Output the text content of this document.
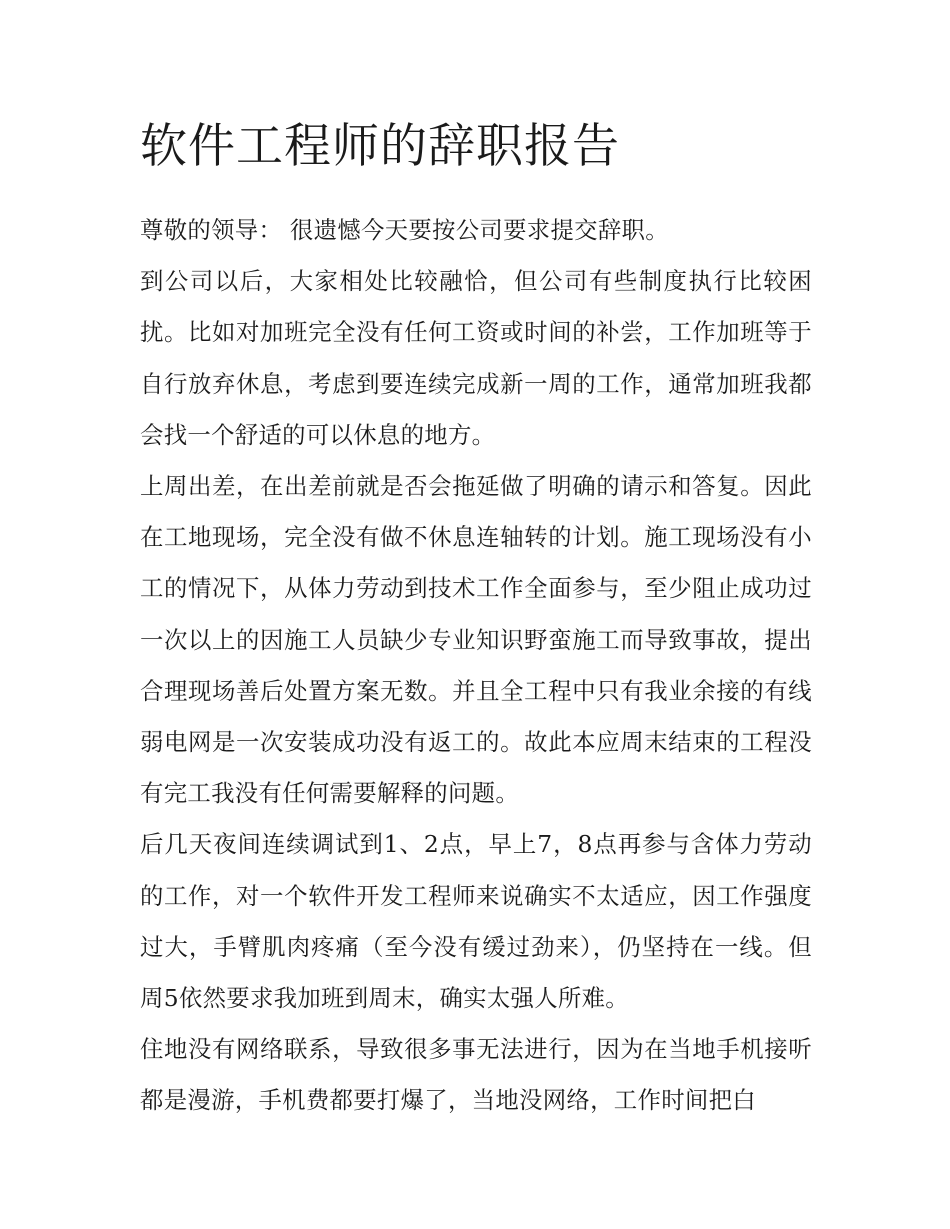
软件工程师的辞职报告

尊敬的领导： 很遗憾今天要按公司要求提交辞职。

到公司以后，大家相处比较融恰，但公司有些制度执行比较困扰。比如对加班完全没有任何工资或时间的补尝，工作加班等于自行放弃休息，考虑到要连续完成新一周的工作，通常加班我都会找一个舒适的可以休息的地方。

上周出差，在出差前就是否会拖延做了明确的请示和答复。因此在工地现场，完全没有做不休息连轴转的计划。施工现场没有小工的情况下，从体力劳动到技术工作全面参与，至少阻止成功过一次以上的因施工人员缺少专业知识野蛮施工而导致事故，提出合理现场善后处置方案无数。并且全工程中只有我业余接的有线弱电网是一次安装成功没有返工的。故此本应周末结束的工程没有完工我没有任何需要解释的问题。

后几天夜间连续调试到1、2点，早上7，8点再参与含体力劳动的工作，对一个软件开发工程师来说确实不太适应，因工作强度过大，手臂肌肉疼痛（至今没有缓过劲来），仍坚持在一线。但周5依然要求我加班到周末，确实太强人所难。

住地没有网络联系，导致很多事无法进行，因为在当地手机接听都是漫游，手机费都要打爆了，当地没网络，工作时间把白
